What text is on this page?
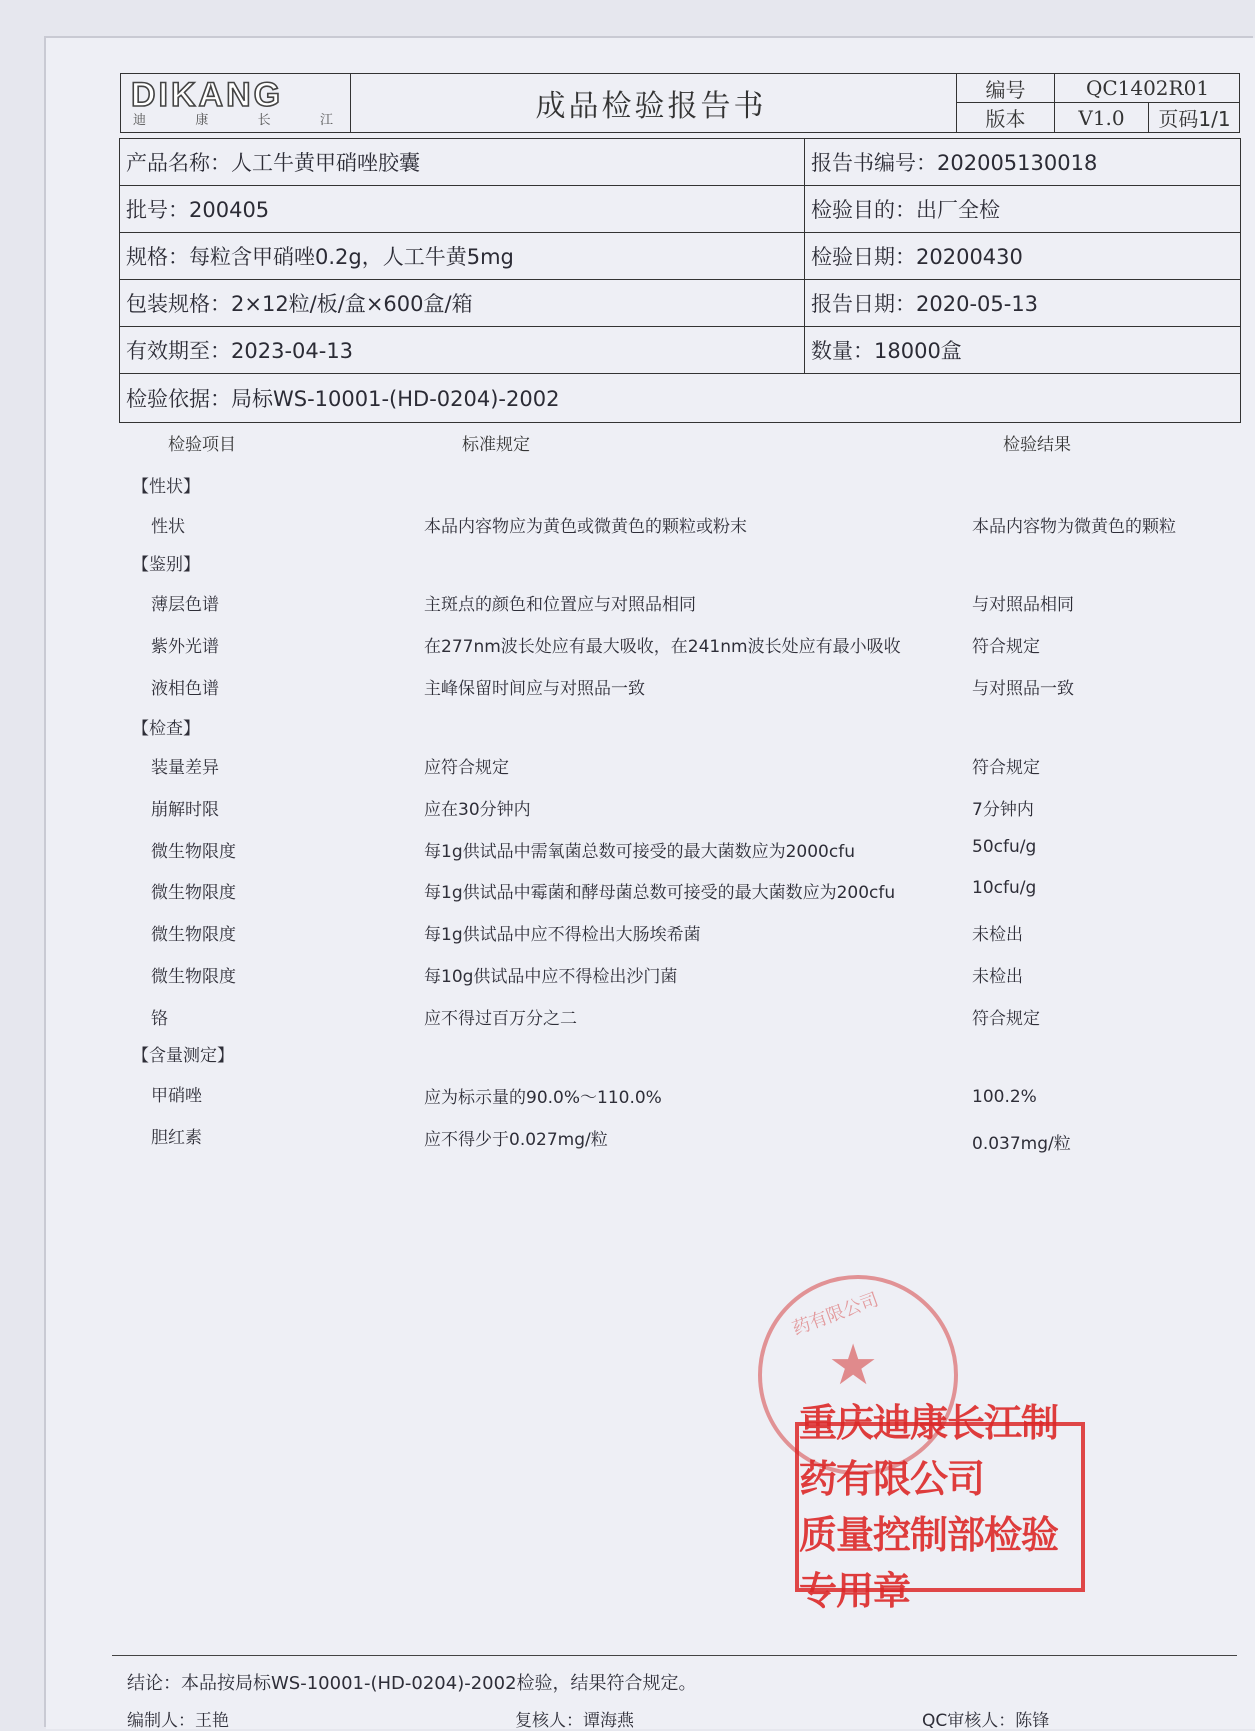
DIKANG
迪	康	长	江	成品检验报告书	编号	QC1402R01
版本	V1.0	页码1/1
产品名称：人工牛黄甲硝唑胶囊	报告书编号：202005130018
批号：200405	检验目的：出厂全检
规格：每粒含甲硝唑0.2g，人工牛黄5mg	检验日期：20200430
包装规格：2×12粒/板/盒×600盒/箱	报告日期：2020-05-13
有效期至：2023-04-13	数量：18000盒
检验依据：局标WS-10001-(HD-0204)-2002
检验项目	标准规定	检验结果
【性状】
【鉴别】
【检查】
【含量测定】
性状	本品内容物应为黄色或微黄色的颗粒或粉末	本品内容物为微黄色的颗粒
薄层色谱	主斑点的颜色和位置应与对照品相同	与对照品相同
紫外光谱	在277nm波长处应有最大吸收，在241nm波长处应有最小吸收	符合规定
液相色谱	主峰保留时间应与对照品一致	与对照品一致
装量差异	应符合规定	符合规定
崩解时限	应在30分钟内	7分钟内
微生物限度	每1g供试品中需氧菌总数可接受的最大菌数应为2000cfu	50cfu/g
微生物限度	每1g供试品中霉菌和酵母菌总数可接受的最大菌数应为200cfu	10cfu/g
微生物限度	每1g供试品中应不得检出大肠埃希菌	未检出
微生物限度	每10g供试品中应不得检出沙门菌	未检出
铬	应不得过百万分之二	符合规定
甲硝唑	应为标示量的90.0%～110.0%	100.2%
胆红素	应不得少于0.027mg/粒	0.037mg/粒
★
药有限公司
重庆迪康长江制药有限公司
质量控制部检验专用章
结论：本品按局标WS-10001-(HD-0204)-2002检验，结果符合规定。
编制人：王艳	复核人：谭海燕	QC审核人：陈锋
